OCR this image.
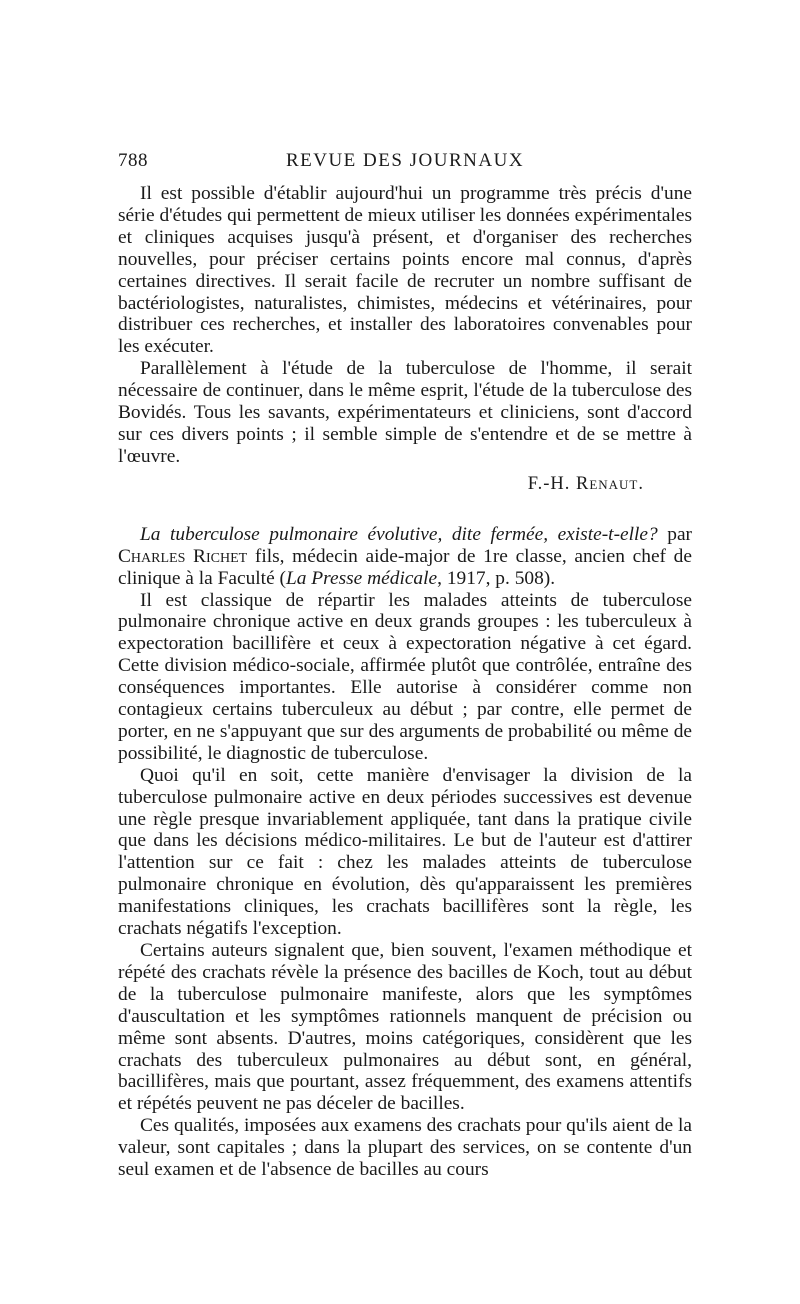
788	REVUE DES JOURNAUX

Il est possible d'établir aujourd'hui un programme très précis d'une série d'études qui permettent de mieux utiliser les données expérimentales et cliniques acquises jusqu'à présent, et d'organiser des recherches nouvelles, pour préciser certains points encore mal connus, d'après certaines directives. Il serait facile de recruter un nombre suffisant de bactériologistes, naturalistes, chimistes, médecins et vétérinaires, pour distribuer ces recherches, et installer des laboratoires convenables pour les exécuter.

Parallèlement à l'étude de la tuberculose de l'homme, il serait nécessaire de continuer, dans le même esprit, l'étude de la tuberculose des Bovidés. Tous les savants, expérimentateurs et cliniciens, sont d'accord sur ces divers points ; il semble simple de s'entendre et de se mettre à l'œuvre.

F.-H. Renaut.

La tuberculose pulmonaire évolutive, dite fermée, existe-t-elle? par Charles Richet fils, médecin aide-major de 1re classe, ancien chef de clinique à la Faculté (La Presse médicale, 1917, p. 508).

Il est classique de répartir les malades atteints de tuberculose pulmonaire chronique active en deux grands groupes : les tuberculeux à expectoration bacillifère et ceux à expectoration négative à cet égard. Cette division médico-sociale, affirmée plutôt que contrôlée, entraîne des conséquences importantes. Elle autorise à considérer comme non contagieux certains tuberculeux au début ; par contre, elle permet de porter, en ne s'appuyant que sur des arguments de probabilité ou même de possibilité, le diagnostic de tuberculose.

Quoi qu'il en soit, cette manière d'envisager la division de la tuberculose pulmonaire active en deux périodes successives est devenue une règle presque invariablement appliquée, tant dans la pratique civile que dans les décisions médico-militaires. Le but de l'auteur est d'attirer l'attention sur ce fait : chez les malades atteints de tuberculose pulmonaire chronique en évolution, dès qu'apparaissent les premières manifestations cliniques, les crachats bacillifères sont la règle, les crachats négatifs l'exception.

Certains auteurs signalent que, bien souvent, l'examen méthodique et répété des crachats révèle la présence des bacilles de Koch, tout au début de la tuberculose pulmonaire manifeste, alors que les symptômes d'auscultation et les symptômes rationnels manquent de précision ou même sont absents. D'autres, moins catégoriques, considèrent que les crachats des tuberculeux pulmonaires au début sont, en général, bacillifères, mais que pourtant, assez fréquemment, des examens attentifs et répétés peuvent ne pas déceler de bacilles.

Ces qualités, imposées aux examens des crachats pour qu'ils aient de la valeur, sont capitales ; dans la plupart des services, on se contente d'un seul examen et de l'absence de bacilles au cours
